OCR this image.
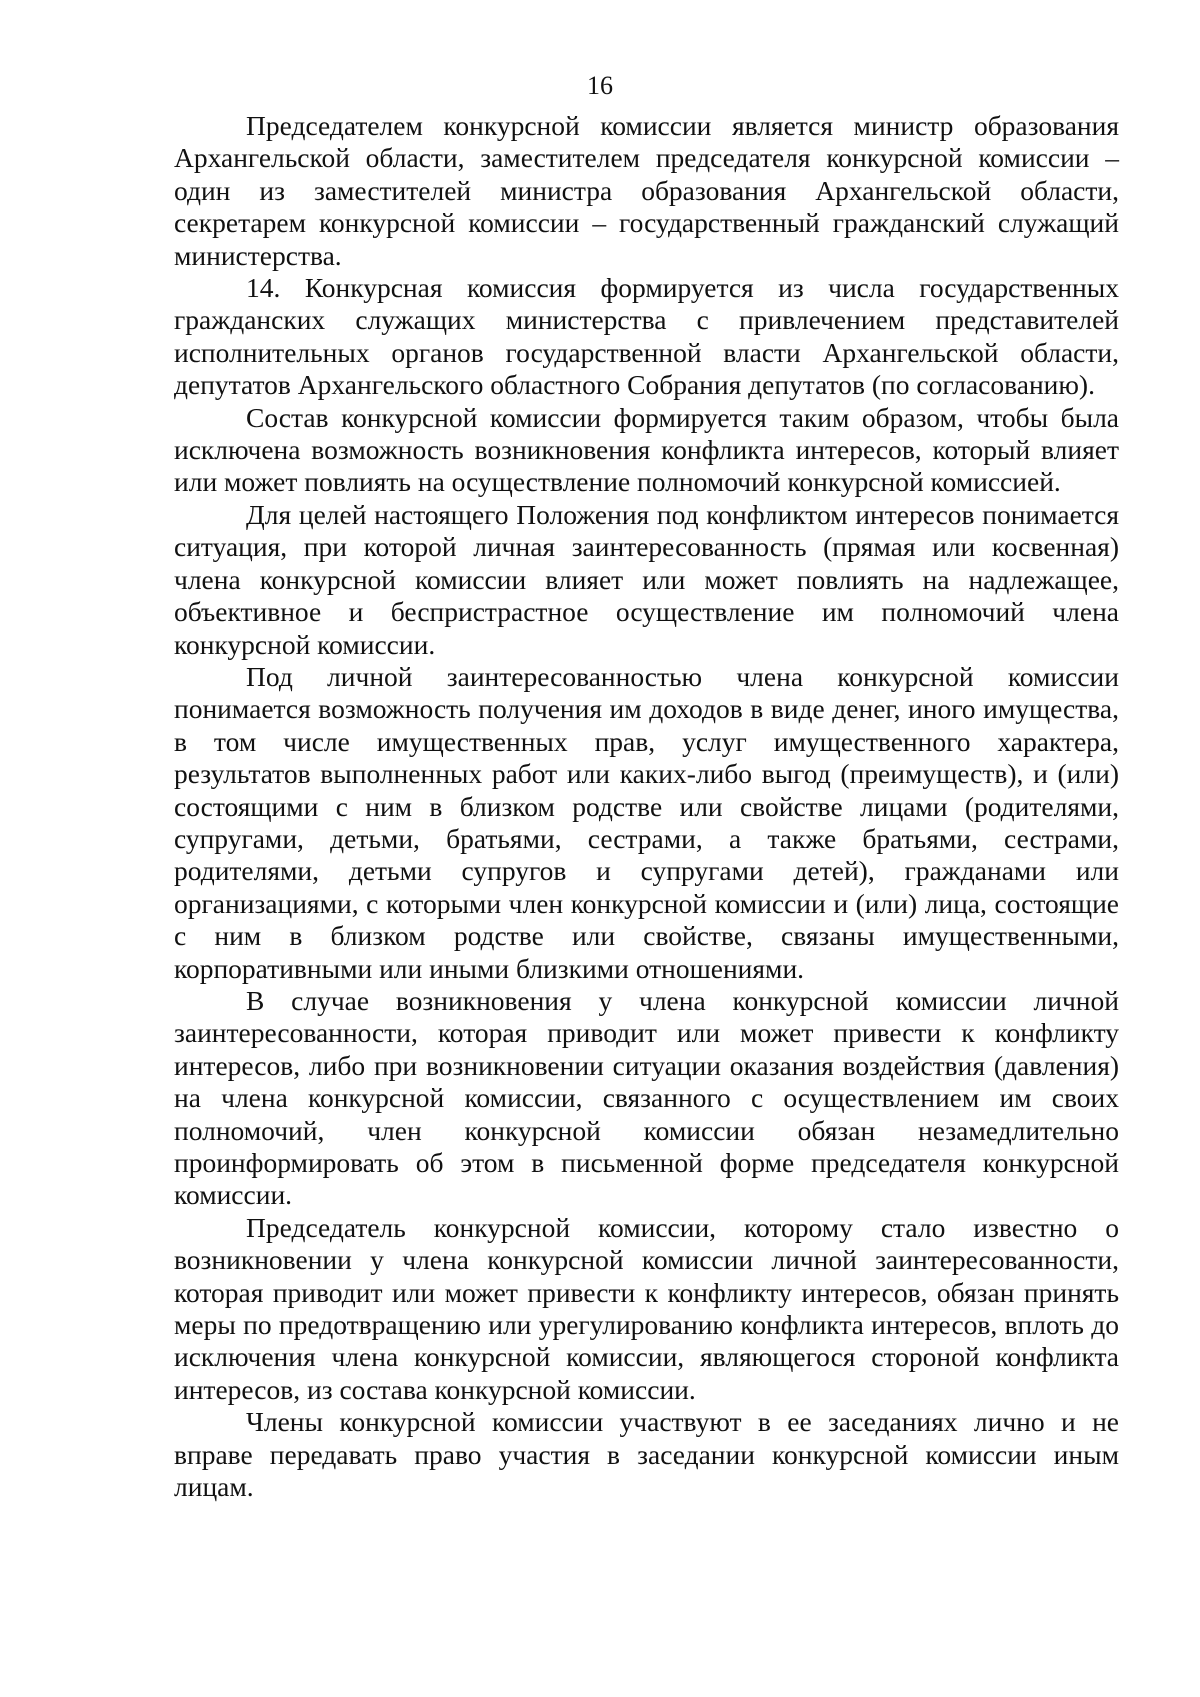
16

Председателем конкурсной комиссии является министр образования Архангельской области, заместителем председателя конкурсной комиссии – один из заместителей министра образования Архангельской области, секретарем конкурсной комиссии – государственный гражданский служащий министерства.

14. Конкурсная комиссия формируется из числа государственных гражданских служащих министерства с привлечением представителей исполнительных органов государственной власти Архангельской области, депутатов Архангельского областного Собрания депутатов (по согласованию).

Состав конкурсной комиссии формируется таким образом, чтобы была исключена возможность возникновения конфликта интересов, который влияет или может повлиять на осуществление полномочий конкурсной комиссией.

Для целей настоящего Положения под конфликтом интересов понимается ситуация, при которой личная заинтересованность (прямая или косвенная) члена конкурсной комиссии влияет или может повлиять на надлежащее, объективное и беспристрастное осуществление им полномочий члена конкурсной комиссии.

Под личной заинтересованностью члена конкурсной комиссии понимается возможность получения им доходов в виде денег, иного имущества, в том числе имущественных прав, услуг имущественного характера, результатов выполненных работ или каких-либо выгод (преимуществ), и (или) состоящими с ним в близком родстве или свойстве лицами (родителями, супругами, детьми, братьями, сестрами, а также братьями, сестрами, родителями, детьми супругов и супругами детей), гражданами или организациями, с которыми член конкурсной комиссии и (или) лица, состоящие с ним в близком родстве или свойстве, связаны имущественными, корпоративными или иными близкими отношениями.

В случае возникновения у члена конкурсной комиссии личной заинтересованности, которая приводит или может привести к конфликту интересов, либо при возникновении ситуации оказания воздействия (давления) на члена конкурсной комиссии, связанного с осуществлением им своих полномочий, член конкурсной комиссии обязан незамедлительно проинформировать об этом в письменной форме председателя конкурсной комиссии.

Председатель конкурсной комиссии, которому стало известно о возникновении у члена конкурсной комиссии личной заинтересованности, которая приводит или может привести к конфликту интересов, обязан принять меры по предотвращению или урегулированию конфликта интересов, вплоть до исключения члена конкурсной комиссии, являющегося стороной конфликта интересов, из состава конкурсной комиссии.

Члены конкурсной комиссии участвуют в ее заседаниях лично и не вправе передавать право участия в заседании конкурсной комиссии иным лицам.
